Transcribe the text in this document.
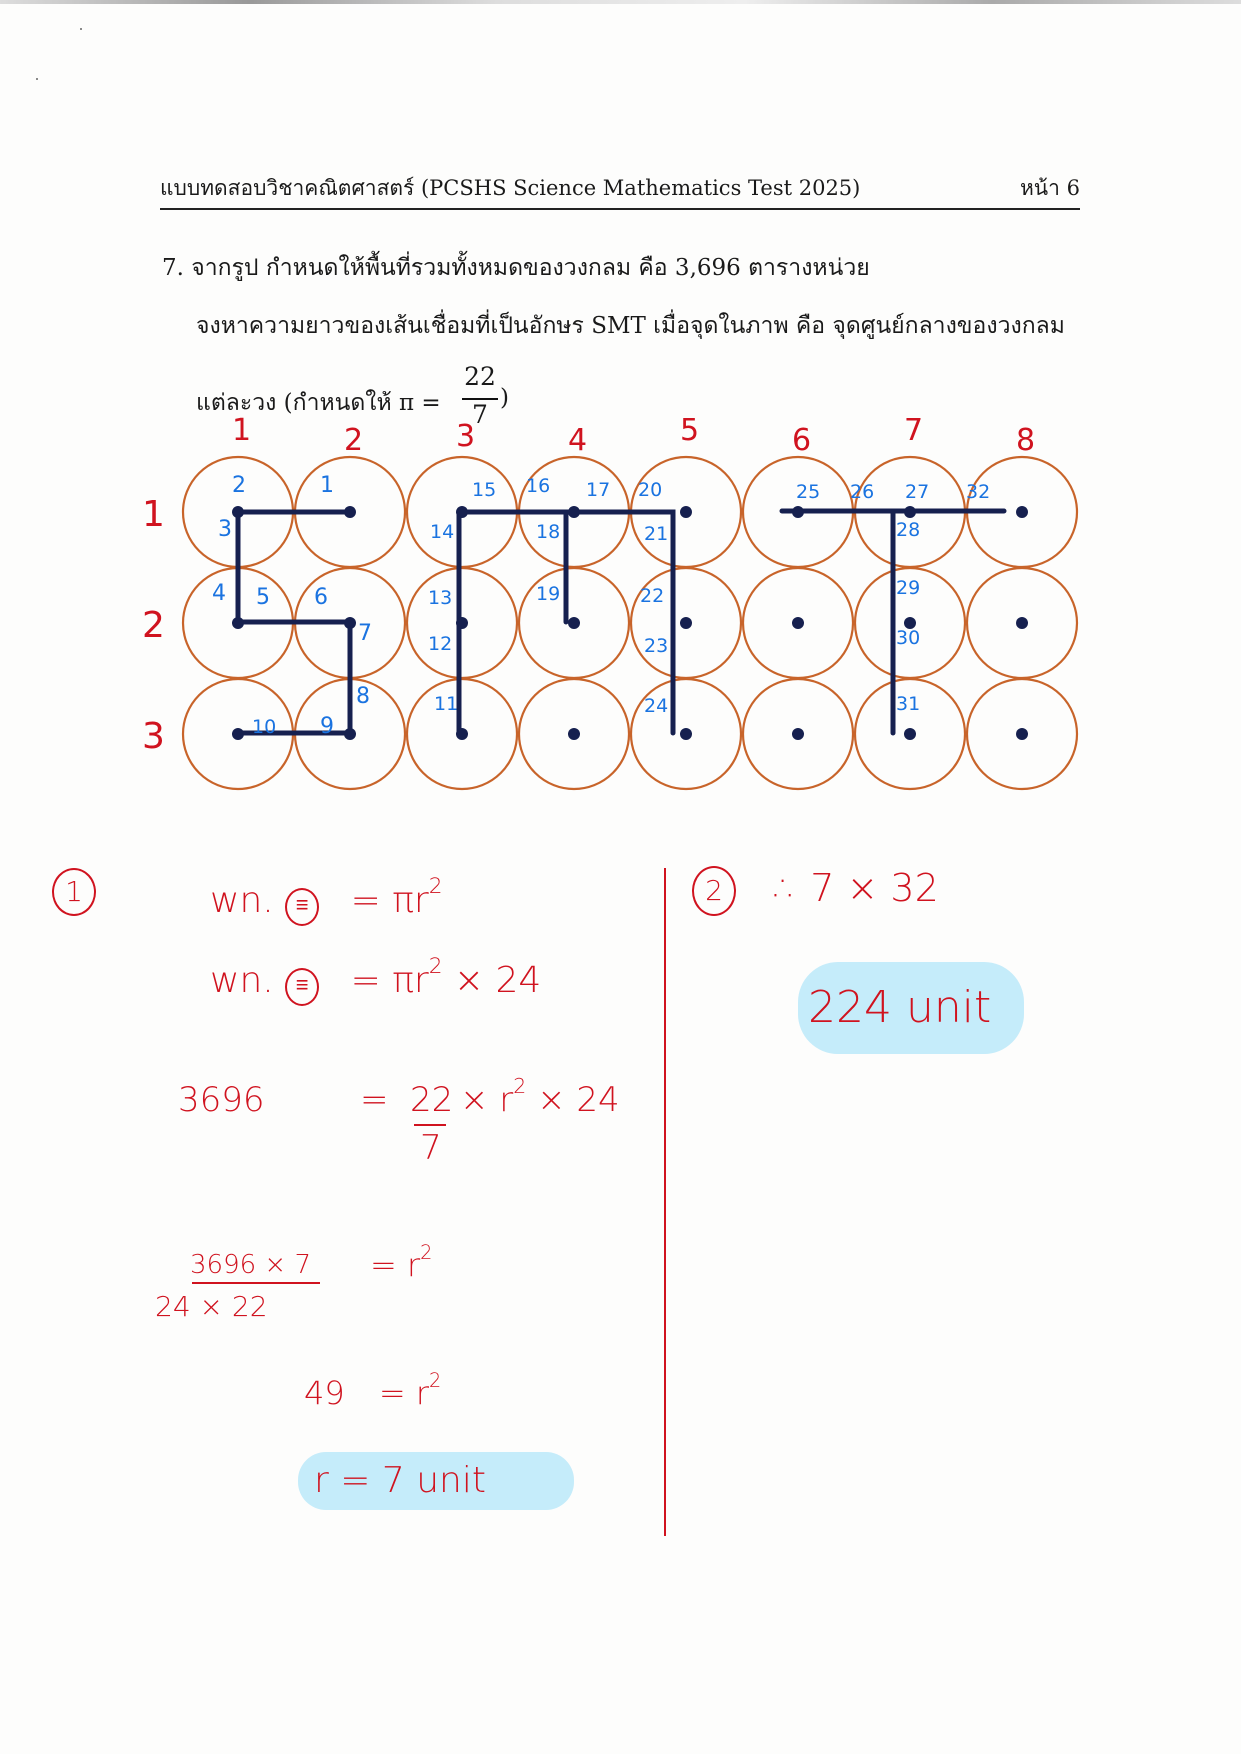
แบบทดสอบวิชาคณิตศาสตร์ (PCSHS Science Mathematics Test 2025)	หน้า 6
7. จากรูป กำหนดให้พื้นที่รวมทั้งหมดของวงกลม คือ 3,696 ตารางหน่วย
จงหาความยาวของเส้นเชื่อมที่เป็นอักษร SMT เมื่อจุดในภาพ คือ จุดศูนย์กลางของวงกลม
แต่ละวง (กำหนดให้ π =
22
7
)
1	2	3	4	5	6	7	8
1
2
3
2	1
3
4 5 6
7
8
9
10
11
12
13
14
15 16 17
18
19
20
21
22
23
24
25 26 27
28
29
30
31
32
1	wn. ≡ = $\pi r^2$
wn. ≡ = $\pi r^2 \times 24$
3696	= 22
7
× $r^2 \times 24$
3696 × 7
24 × 22
= $r^2$
$49 = r^2$
r = 7 unit
2	∴ 7 × 32
224 unit
